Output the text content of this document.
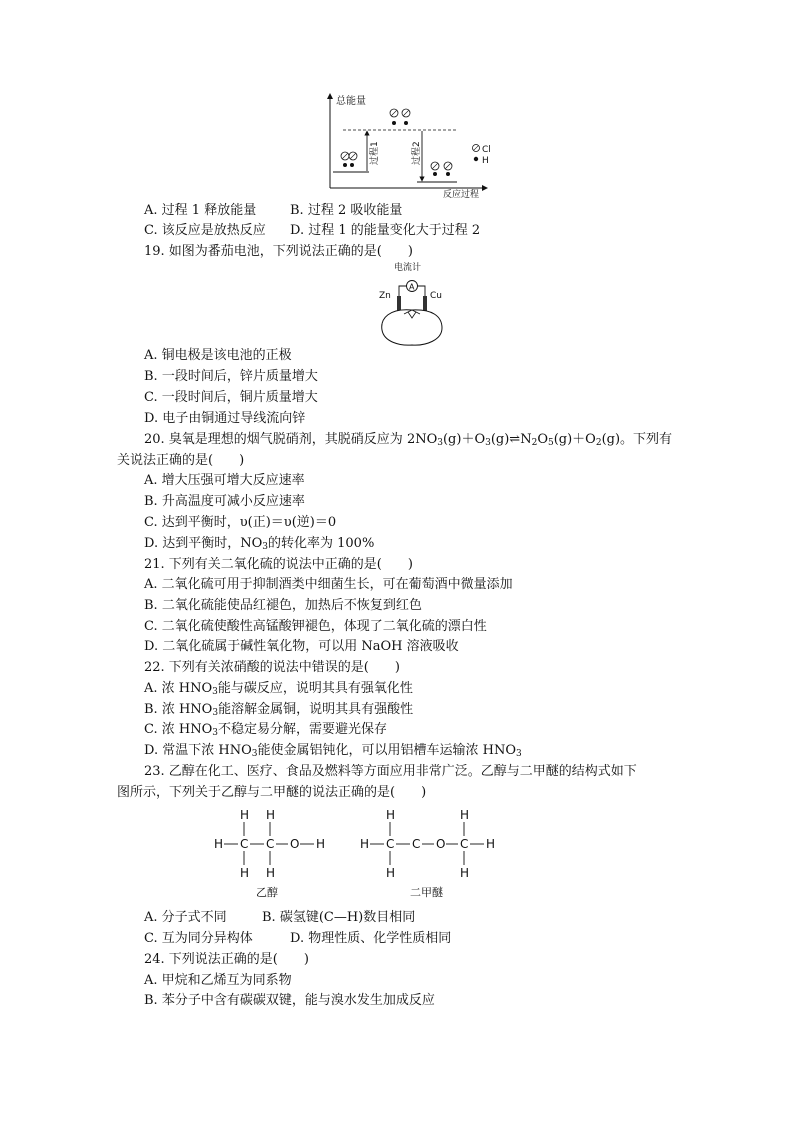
总能量
反应过程
过程1	过程2	Cl
H
A. 过程 1 释放能量	B. 过程 2 吸收能量
C. 该反应是放热反应 D. 过程 1 的能量变化大于过程 2
19. 如图为番茄电池，下列说法正确的是(　　)
电流计
A
Zn	Cu
A. 铜电极是该电池的正极
B. 一段时间后，锌片质量增大
C. 一段时间后，铜片质量增大
D. 电子由铜通过导线流向锌
20. 臭氧是理想的烟气脱硝剂，其脱硝反应为 $2NO_3(g)+O_3(g)\rightleftharpoons N_2O_5(g)+O_2(g)$。下列有
关说法正确的是(　　)
A. 增大压强可增大反应速率
B. 升高温度可减小反应速率
C. 达到平衡时，υ(正)＝υ(逆)＝0
D. 达到平衡时，$NO_3$的转化率为 100%
21. 下列有关二氧化硫的说法中正确的是(　　)
A. 二氧化硫可用于抑制酒类中细菌生长，可在葡萄酒中微量添加
B. 二氧化硫能使品红褪色，加热后不恢复到红色
C. 二氧化硫使酸性高锰酸钾褪色，体现了二氧化硫的漂白性
D. 二氧化硫属于碱性氧化物，可以用 NaOH 溶液吸收
22. 下列有关浓硝酸的说法中错误的是(　　)
A. 浓 $HNO_3$能与碳反应，说明其具有强氧化性
B. 浓 $HNO_3$能溶解金属铜，说明其具有强酸性
C. 浓 $HNO_3$不稳定易分解，需要避光保存
D. 常温下浓 $HNO_3$能使金属铝钝化，可以用铝槽车运输浓 $HNO_3$
23. 乙醇在化工、医疗、食品及燃料等方面应用非常广泛。乙醇与二甲醚的结构式如下
图所示，下列关于乙醇与二甲醚的说法正确的是(　　)
H H
H C C O H
H H
乙醇
H	H
H C C O C H
H	H
二甲醚
A. 分子式不同	B. 碳氢键(C—H)数目相同
C. 互为同分异构体	D. 物理性质、化学性质相同
24. 下列说法正确的是(　　)
A. 甲烷和乙烯互为同系物
B. 苯分子中含有碳碳双键，能与溴水发生加成反应
